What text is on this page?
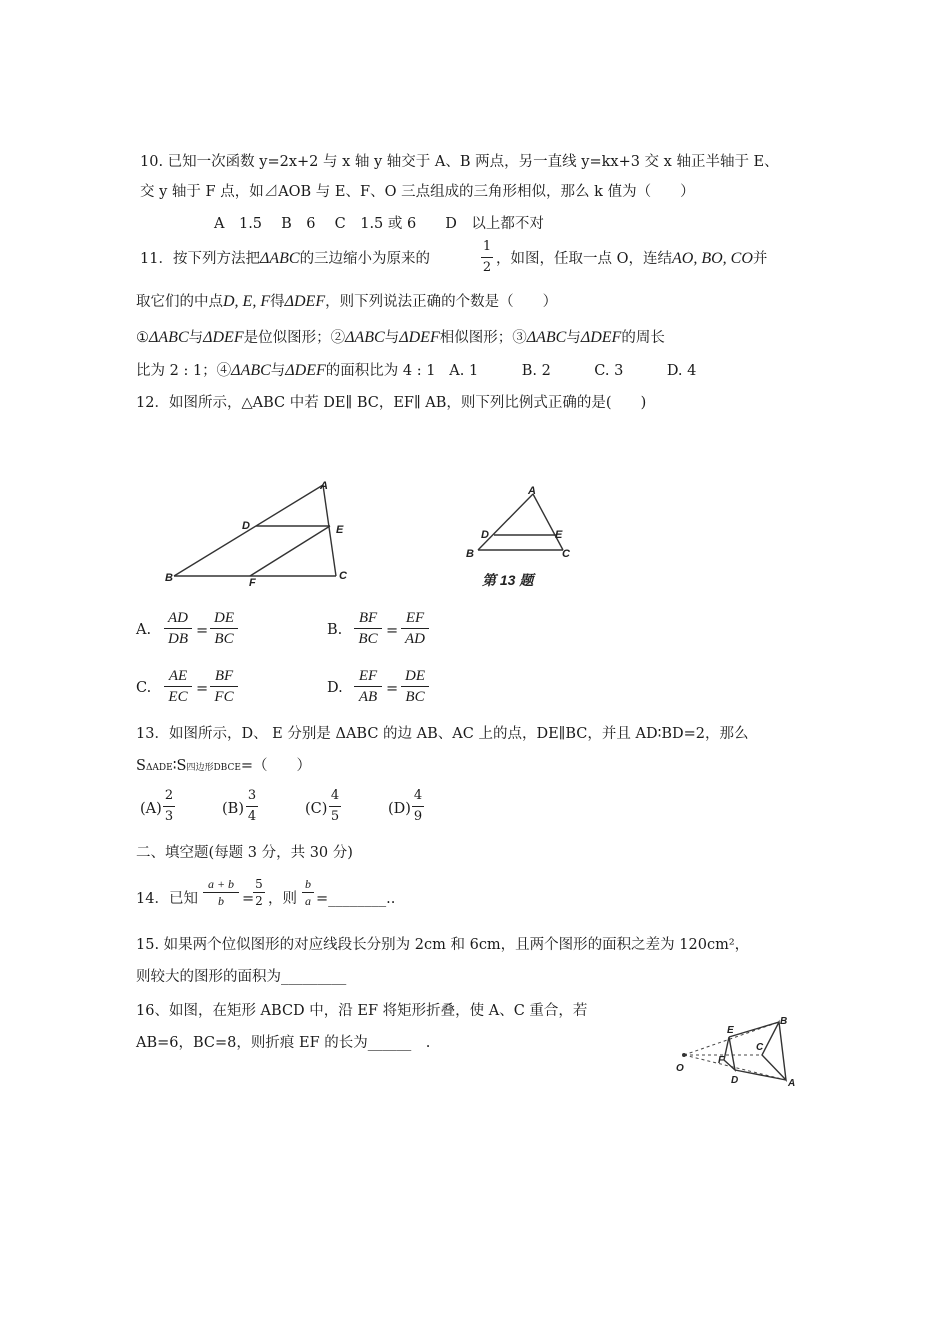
10. 已知一次函数 y=2x+2 与 x 轴 y 轴交于 A、B 两点，另一直线 y=kx+3 交 x 轴正半轴于 E、
交 y 轴于 F 点，如⊿AOB 与 E、F、O 三点组成的三角形相似，那么 k 值为（　　）
A　1.5　 B　6　 C　1.5 或 6　　D　以上都不对
11．按下列方法把ΔABC的三边缩小为原来的
1
2
，如图，任取一点 O，连结AO, BO, CO并
取它们的中点D, E, F得ΔDEF，则下列说法正确的个数是（　　）
①ΔABC与ΔDEF是位似图形；②ΔABC与ΔDEF相似图形；③ΔABC与ΔDEF的周长
比为 2 : 1；④ΔABC与ΔDEF的面积比为 4 : 1 A. 1　　　B. 2　　　C. 3　　　D. 4
12．如图所示，△ABC 中若 DE∥ BC，EF∥ AB，则下列比例式正确的是(　　)
A
D	E
B	F
C
A
D	E
B	C
第 13 题
A.
AD
DB =
DE
BC
B.
BF
BC =
EF
AD
C.
AE
EC =
BF
FC
D.
EF
AB =
DE
BC
13．如图所示，D、 E 分别是 ΔABC 的边 AB、AC 上的点，DE∥BC，并且 AD∶BD=2，那么
SΔADE∶S四边形DBCE=（　　）
(A)
2
3	(B)
3
4	(C)
4
5	(D)
4
9
二、填空题(每题 3 分，共 30 分)
14．已知
a + b
b	=
5
2 ，则
b
a =________..
15. 如果两个位似图形的对应线段长分别为 2cm 和 6cm，且两个图形的面积之差为 120cm²，
则较大的图形的面积为_________
16、如图，在矩形 ABCD 中，沿 EF 将矩形折叠，使 A、C 重合，若
AB=6，BC=8，则折痕 EF 的长为______　.
O
E
F
D
B
C
A
